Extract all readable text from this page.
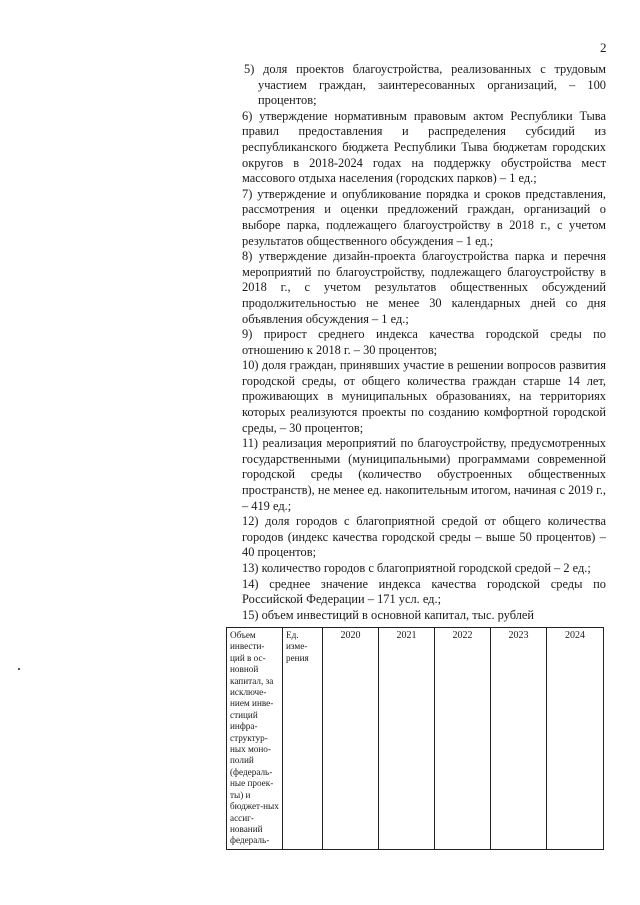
2

5) доля проектов благоустройства, реализованных с трудовым участием граждан, заинтересованных организаций, – 100 процентов;

6) утверждение нормативным правовым актом Республики Тыва правил предоставления и распределения субсидий из республиканского бюджета Республики Тыва бюджетам городских округов в 2018-2024 годах на поддержку обустройства мест массового отдыха населения (городских парков) – 1 ед.;

7) утверждение и опубликование порядка и сроков представления, рассмотрения и оценки предложений граждан, организаций о выборе парка, подлежащего благоустройству в 2018 г., с учетом результатов общественного обсуждения – 1 ед.;

8) утверждение дизайн-проекта благоустройства парка и перечня мероприятий по благоустройству, подлежащего благоустройству в 2018 г., с учетом результатов общественных обсуждений продолжительностью не менее 30 календарных дней со дня объявления обсуждения – 1 ед.;

9) прирост среднего индекса качества городской среды по отношению к 2018 г. – 30 процентов;

10) доля граждан, принявших участие в решении вопросов развития городской среды, от общего количества граждан старше 14 лет, проживающих в муниципальных образованиях, на территориях которых реализуются проекты по созданию комфортной городской среды, – 30 процентов;

11) реализация мероприятий по благоустройству, предусмотренных государственными (муниципальными) программами современной городской среды (количество обустроенных общественных пространств), не менее ед. накопительным итогом, начиная с 2019 г., – 419 ед.;

12) доля городов с благоприятной средой от общего количества городов (индекс качества городской среды – выше 50 процентов) – 40 процентов;

13) количество городов с благоприятной городской средой – 2 ед.;

14) среднее значение индекса качества городской среды по Российской Федерации – 171 усл. ед.;

15) объем инвестиций в основной капитал, тыс. рублей

Объем инвести-ций в ос-новной капитал, за исключе-нием инве-стиций инфра-структур-ных моно-полий (федераль-ные проек-ты) и бюджет-ных ассиг-нований федераль-	Ед. изме-рения	2020	2021	2022	2023	2024
